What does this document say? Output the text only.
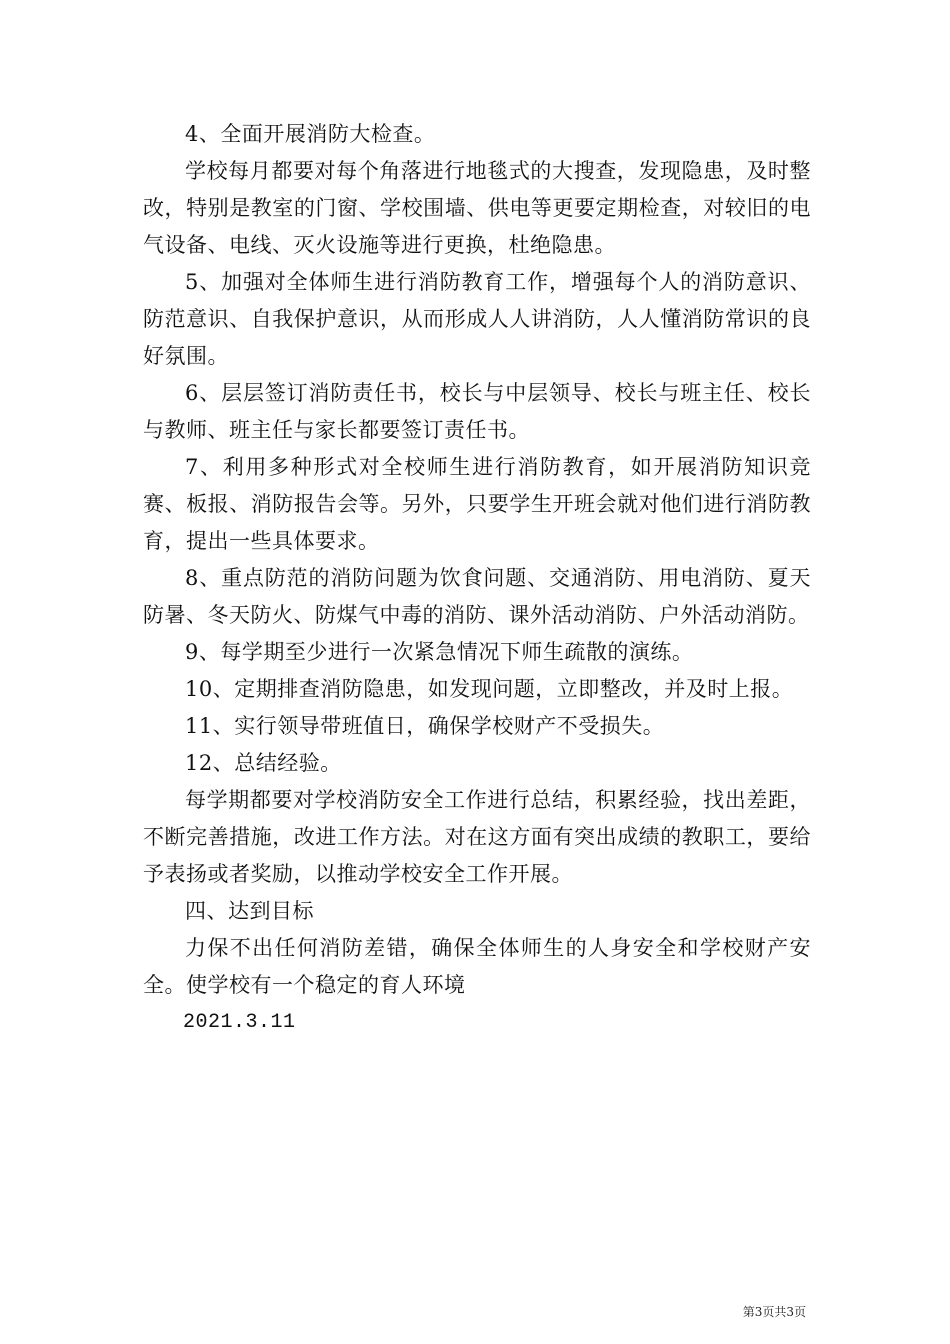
4、全面开展消防大检查。

学校每月都要对每个角落进行地毯式的大搜查，发现隐患，及时整改，特别是教室的门窗、学校围墙、供电等更要定期检查，对较旧的电气设备、电线、灭火设施等进行更换，杜绝隐患。

5、加强对全体师生进行消防教育工作，增强每个人的消防意识、防范意识、自我保护意识，从而形成人人讲消防，人人懂消防常识的良好氛围。

6、层层签订消防责任书，校长与中层领导、校长与班主任、校长与教师、班主任与家长都要签订责任书。

7、利用多种形式对全校师生进行消防教育，如开展消防知识竞赛、板报、消防报告会等。另外，只要学生开班会就对他们进行消防教育，提出一些具体要求。

8、重点防范的消防问题为饮食问题、交通消防、用电消防、夏天防暑、冬天防火、防煤气中毒的消防、课外活动消防、户外活动消防。

9、每学期至少进行一次紧急情况下师生疏散的演练。

10、定期排查消防隐患，如发现问题，立即整改，并及时上报。

11、实行领导带班值日，确保学校财产不受损失。

12、总结经验。

每学期都要对学校消防安全工作进行总结，积累经验，找出差距，不断完善措施，改进工作方法。对在这方面有突出成绩的教职工，要给予表扬或者奖励，以推动学校安全工作开展。

四、达到目标

力保不出任何消防差错，确保全体师生的人身安全和学校财产安全。使学校有一个稳定的育人环境

2021.3.11

第3页共3页
